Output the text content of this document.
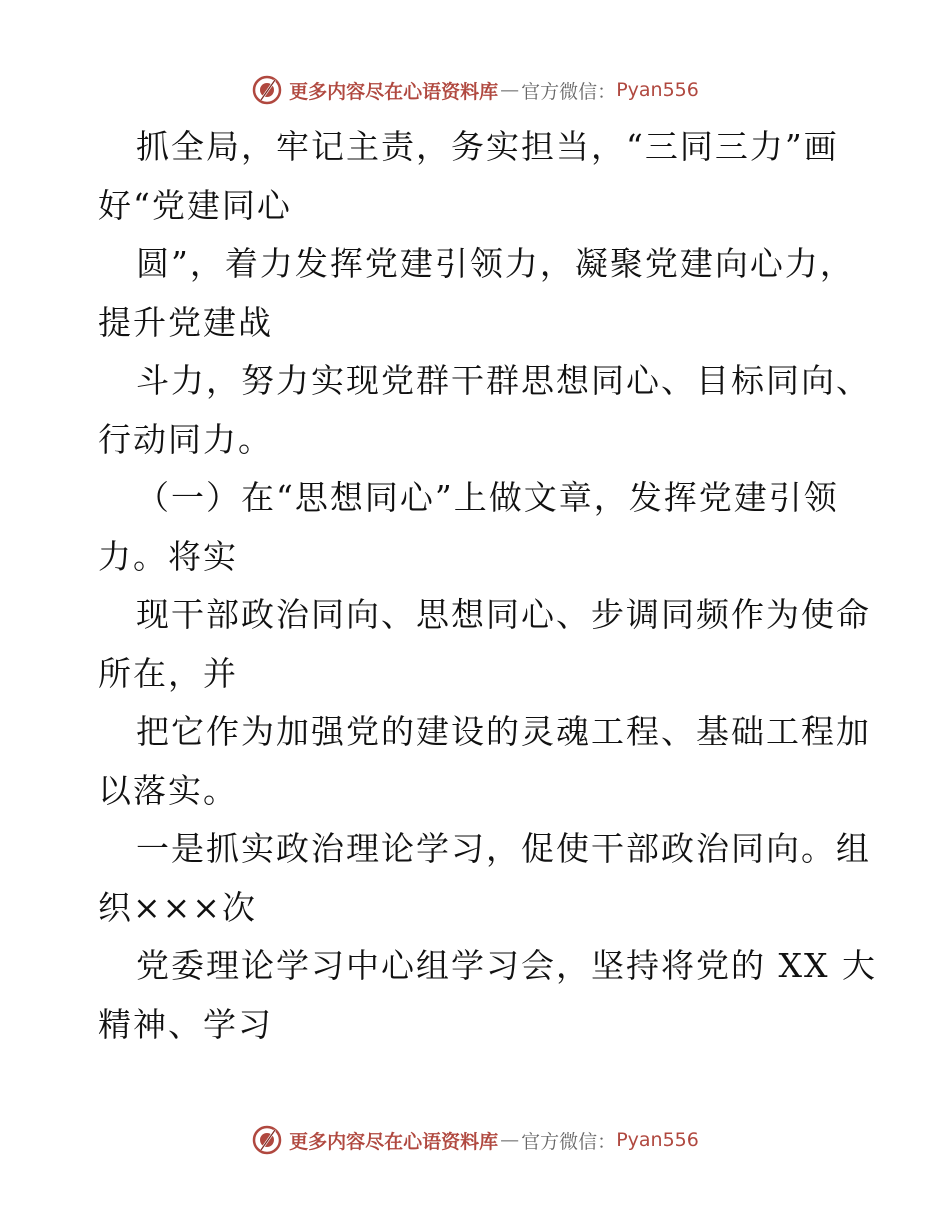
更多内容尽在心语资料库 — 官方微信： Pyan556
抓全局，牢记主责，务实担当，“三同三力”画
好“党建同心
圆”，着力发挥党建引领力，凝聚党建向心力，
提升党建战
斗力，努力实现党群干群思想同心、目标同向、
行动同力。
（一）在“思想同心”上做文章，发挥党建引领
力。将实
现干部政治同向、思想同心、步调同频作为使命
所在，并
把它作为加强党的建设的灵魂工程、基础工程加
以落实。
一是抓实政治理论学习，促使干部政治同向。组
织×××次
党委理论学习中心组学习会，坚持将党的 XX 大
精神、学习
更多内容尽在心语资料库 — 官方微信： Pyan556
